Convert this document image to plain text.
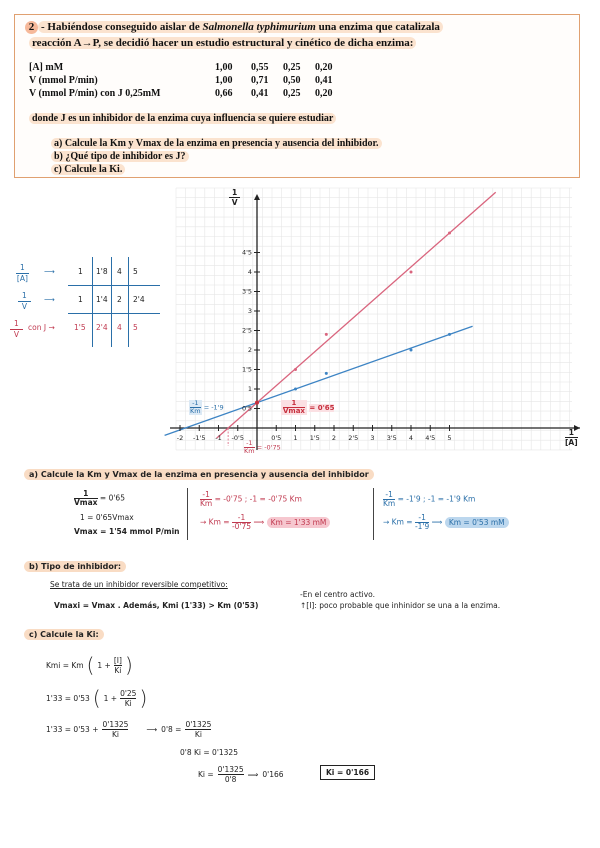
2 - Habiéndose conseguido aislar de Salmonella typhimurium una enzima que catalizala
reacción A→P, se decidió hacer un estudio estructural y cinético de dicha enzima:
[A] mM	1,00 0,55 0,25 0,20
V (mmol P/min)	1,00 0,71 0,50 0,41
V (mmol P/min) con J 0,25mM	0,66 0,41 0,25 0,20
donde J es un inhibidor de la enzima cuya influencia se quiere estudiar
a) Calcule la Km y Vmax de la enzima en presencia y ausencia del inhibidor.
b) ¿Qué tipo de inhibidor es J?
c) Calcule la Ki.
1
[A]
⟶	1 1'8 4 5
1
V
⟶	1 1'4 2 2'4
1
V
con J →	1'5 2'4 4 5
-2 -1'5 -1 -0'5	0'5 1 1'5 2 2'5 3 3'5 4 4'5 5
0'5
1
1'5
2
2'5
3
3'5
4
4'5
1
V
1
[A]
$\frac{-1}{Km} = -1'9$
$\frac{-1}{Km} = -0'75$
1
Vmax = 0'65
a) Calcule la Km y Vmax de la enzima en presencia y ausencia del inhibidor
1
Vmax = 0'65
1 = 0'65Vmax
Vmax = 1'54 mmol P/min
$\frac{-1}{Km} = -0'75$ ; -1 = -0'75 Km
→ $Km = \frac{-1}{-0'75}$ ⟹ Km = 1'33 mM
$\frac{-1}{Km} = -1'9$ ; -1 = -1'9 Km
→ $Km = \frac{-1}{-1'9}$ ⟹ Km = 0'53 mM
b) Tipo de inhibidor:
Se trata de un inhibidor reversible competitivo:
Vmaxi = Vmax . Además, Kmi (1'33) > Km (0'53)
-En el centro activo.
↑[I]: poco probable que inhinidor se una a la enzima.
c) Calcule la Ki:
Kmi = Km ( $1 + \frac{[I]}{Ki}$ )
1'33 = 0'53 ( $1 + \frac{0'25}{Ki}$ )
$1'33 = 0'53 + \frac{0'1325}{Ki}$ ⟶ $0'8 = \frac{0'1325}{Ki}$
0'8 Ki = 0'1325
$Ki = \frac{0'1325}{0'8}$ ⟹ 0'166	Ki = 0'166
